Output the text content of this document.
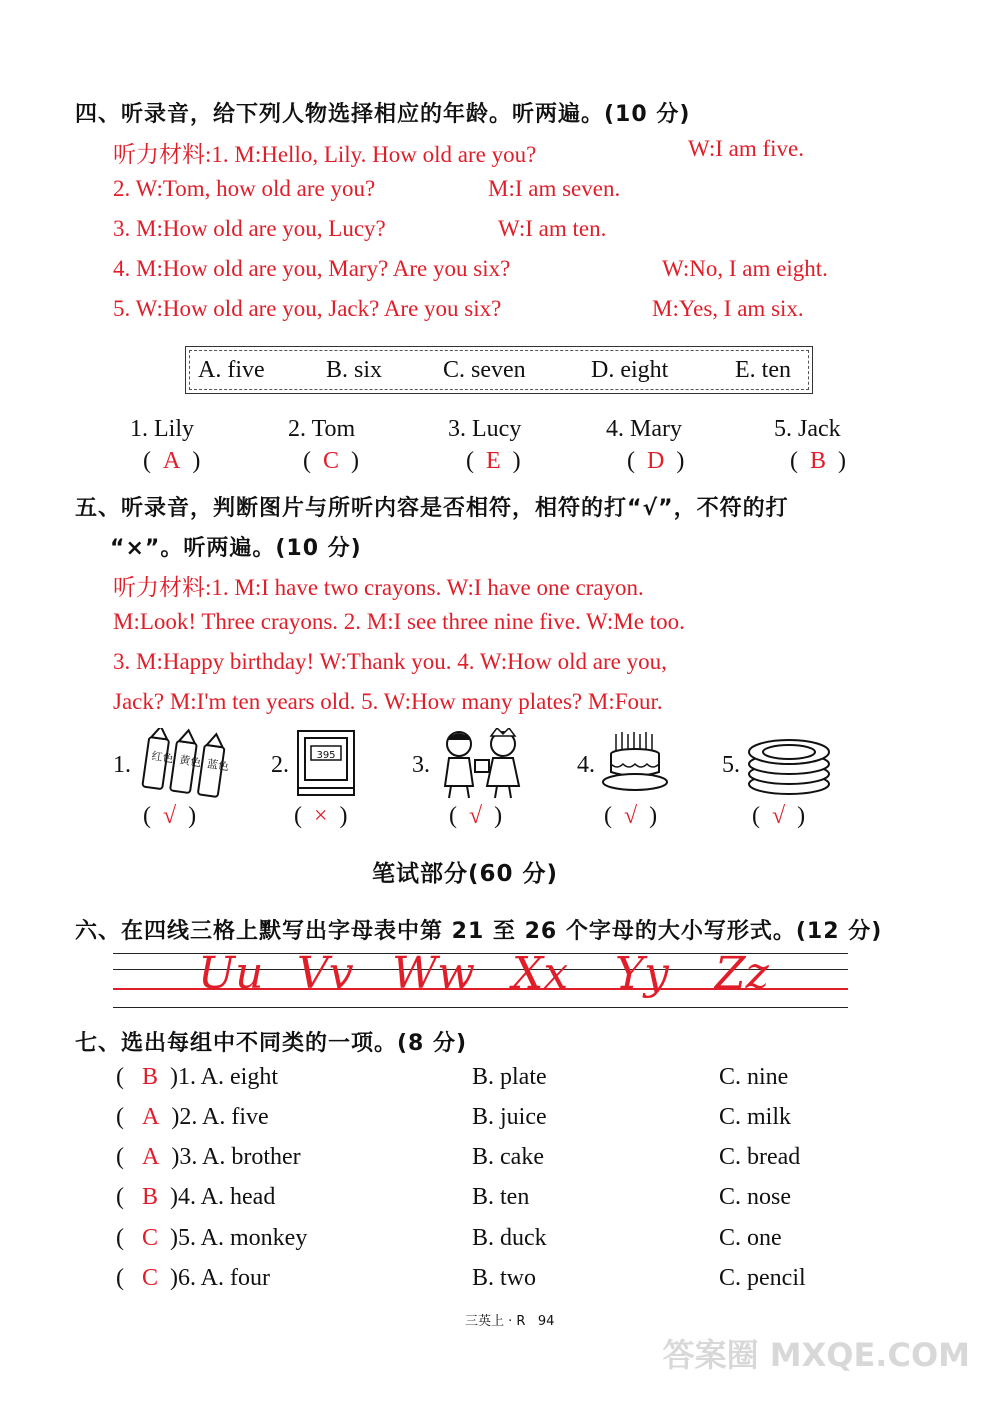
四、听录音，给下列人物选择相应的年龄。听两遍。(10 分)
听力材料:1. M:Hello, Lily. How old are you?	W:I am five.
2. W:Tom, how old are you?	M:I am seven.
3. M:How old are you, Lucy?	W:I am ten.
4. M:How old are you, Mary? Are you six?	W:No, I am eight.
5. W:How old are you, Jack? Are you six?	M:Yes, I am six.
A. five	B. six	C. seven	D. eight	E. ten
1. Lily	2. Tom	3. Lucy	4. Mary	5. Jack
(  A  )	(  C  )	(  E  )	(  D  )	(  B  )
五、听录音，判断图片与所听内容是否相符，相符的打“√”，不符的打
“×”。听两遍。(10 分)
听力材料:1. M:I have two crayons. W:I have one crayon.
M:Look! Three crayons. 2. M:I see three nine five. W:Me too.
3. M:Happy birthday! W:Thank you. 4. W:How old are you,
Jack? M:I'm ten years old. 5. W:How many plates? M:Four.
1.	2.	3.	4.	5.
红色 黄色 蓝色
395
(  √  )	(  ×  )	(  √  )	(  √  )	(  √  )
笔试部分(60 分)
六、在四线三格上默写出字母表中第 21 至 26 个字母的大小写形式。(12 分)
Uu Vv Ww Xx Yy Zz
七、选出每组中不同类的一项。(8 分)
(   B )1. A. eight	B. plate	C. nine
(   A )2. A. five	B. juice	C. milk
(   A )3. A. brother	B. cake	C. bread
(   B )4. A. head	B. ten	C. nose
(   C )5. A. monkey	B. duck	C. one
(   C )6. A. four	B. two	C. pencil
三英上 · R 94
答案圈 MXQE.COM
